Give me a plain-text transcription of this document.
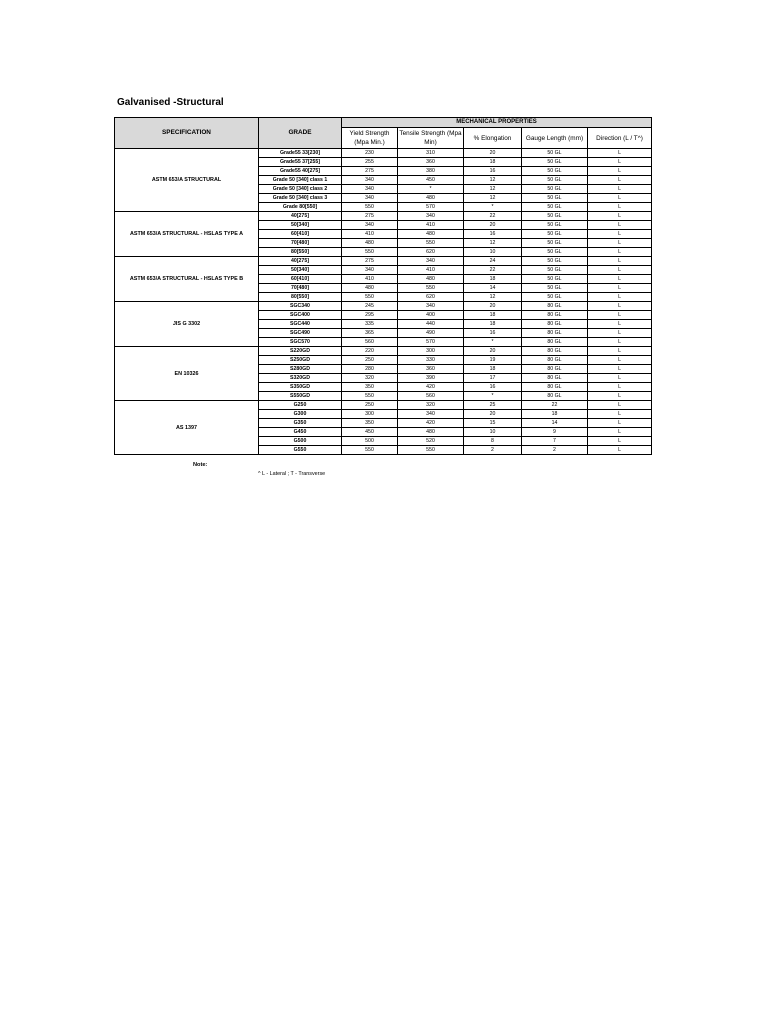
Galvanised -Structural
SPECIFICATION	GRADE	MECHANICAL PROPERTIES				
		Yield Strength (Mpa Min.)	Tensile Strength (Mpa Min)	% Elongation	Gauge Length (mm)	Direction (L / T^)
ASTM 653/A STRUCTURAL	Grade55 33[230]	230	310	20	50 GL	L
	Grade55 37[255]	255	360	18	50 GL	L
	Grade55 40[275]	275	380	16	50 GL	L
	Grade 50 [340] class 1	340	450	12	50 GL	L
	Grade 50 [340] class 2	340	*	12	50 GL	L
	Grade 50 [340] class 3	340	480	12	50 GL	L
	Grade 80[550]	550	570	*	50 GL	L
ASTM 653/A STRUCTURAL - HSLAS TYPE A	40[275]	275	340	22	50 GL	L
	50[340]	340	410	20	50 GL	L
	60[410]	410	480	16	50 GL	L
	70[480]	480	550	12	50 GL	L
	80[550]	550	620	10	50 GL	L
ASTM 653/A STRUCTURAL - HSLAS TYPE B	40[275]	275	340	24	50 GL	L
	50[340]	340	410	22	50 GL	L
	60[410]	410	480	18	50 GL	L
	70[480]	480	550	14	50 GL	L
	80[550]	550	620	12	50 GL	L
JIS G 3302	SGC340	245	340	20	80 GL	L
	SGC400	295	400	18	80 GL	L
	SGC440	335	440	18	80 GL	L
	SGC490	365	490	16	80 GL	L
	SGC570	560	570	*	80 GL	L
EN 10326	S220GD	220	300	20	80 GL	L
	S250GD	250	330	19	80 GL	L
	S280GD	280	360	18	80 GL	L
	S320GD	320	390	17	80 GL	L
	S350GD	350	420	16	80 GL	L
	S550GD	550	560	*	80 GL	L
AS 1397	G250	250	320	25	22	L
	G300	300	340	20	18	L
	G350	350	420	15	14	L
	G450	450	480	10	9	L
	G500	500	520	8	7	L
	G550	550	550	2	2	L
Note:
^ L - Lateral ; T - Transverse
